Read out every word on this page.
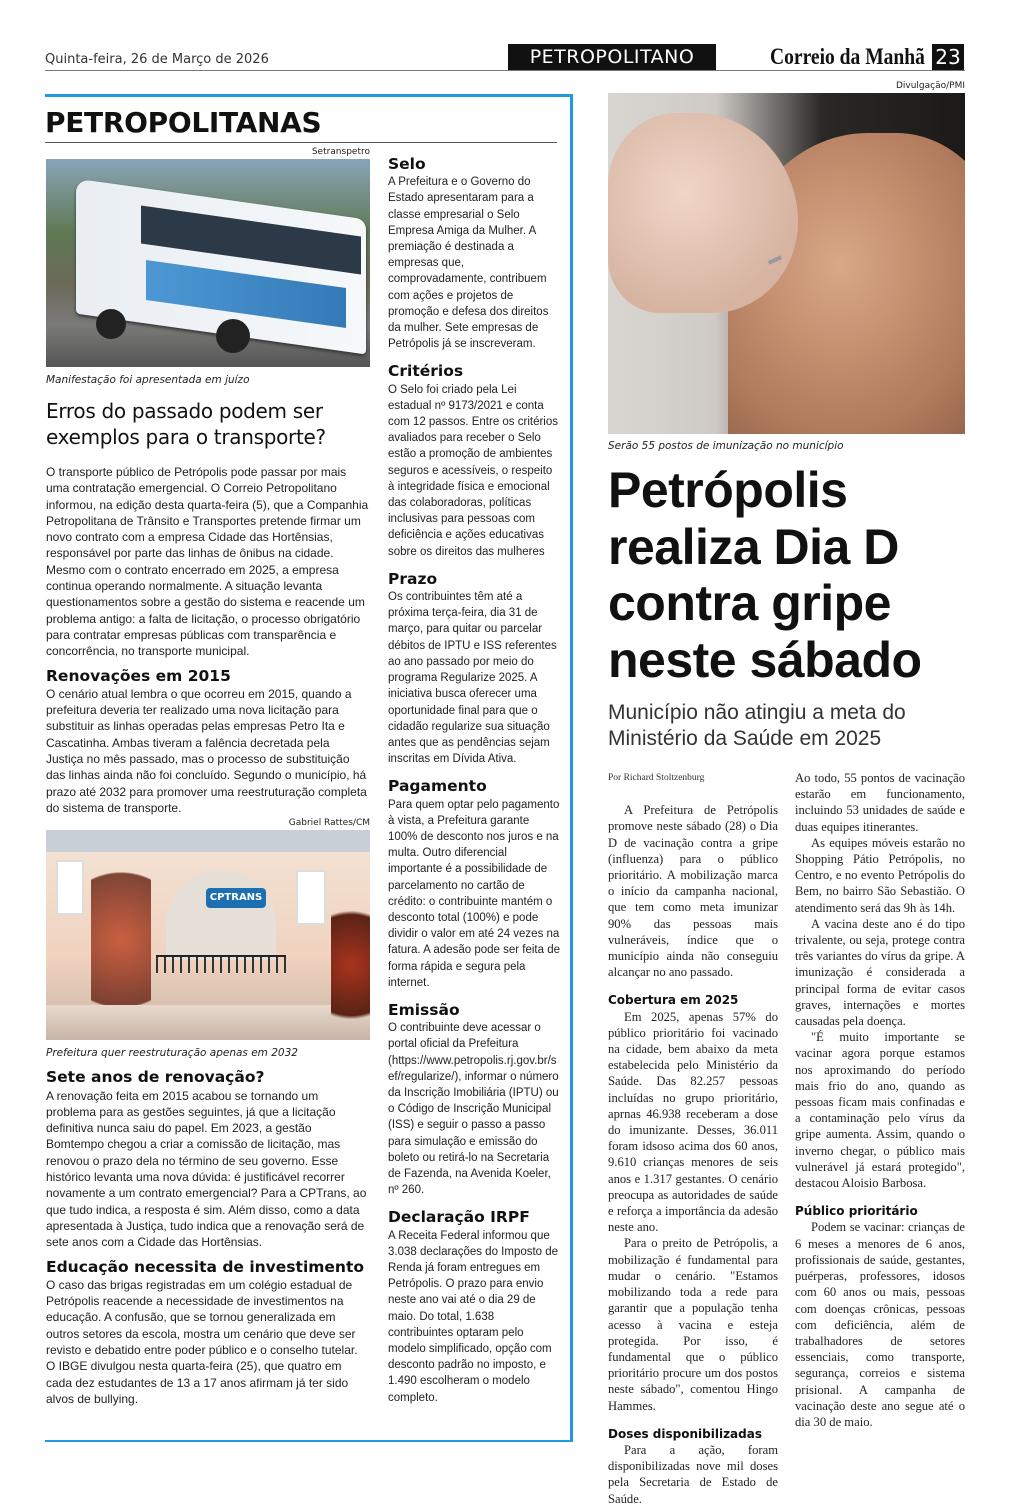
Quinta-feira, 26 de Março de 2026	PETROPOLITANO	Correio da Manhã 23
PETROPOLITANAS
Setranspetro
Manifestação foi apresentada em juízo
Erros do passado podem ser exemplos para o transporte?

O transporte público de Petrópolis pode passar por mais uma contratação emergencial. O Correio Petropolitano informou, na edição desta quarta-feira (5), que a Companhia Petropolitana de Trânsito e Transportes pretende firmar um novo contrato com a empresa Cidade das Hortênsias, responsável por parte das linhas de ônibus na cidade. Mesmo com o contrato encerrado em 2025, a empresa continua operando normalmente. A situação levanta questionamentos sobre a gestão do sistema e reacende um problema antigo: a falta de licitação, o processo obrigatório para contratar empresas públicas com transparência e concorrência, no transporte municipal.

Renovações em 2015

O cenário atual lembra o que ocorreu em 2015, quando a prefeitura deveria ter realizado uma nova licitação para substituir as linhas operadas pelas empresas Petro Ita e Cascatinha. Ambas tiveram a falência decretada pela Justiça no mês passado, mas o processo de substituição das linhas ainda não foi concluído. Segundo o município, há prazo até 2032 para promover uma reestruturação completa do sistema de transporte.

Gabriel Rattes/CM
CPTRANS
Prefeitura quer reestruturação apenas em 2032
Sete anos de renovação?

A renovação feita em 2015 acabou se tornando um problema para as gestões seguintes, já que a licitação definitiva nunca saiu do papel. Em 2023, a gestão Bomtempo chegou a criar a comissão de licitação, mas renovou o prazo dela no término de seu governo. Esse histórico levanta uma nova dúvida: é justificável recorrer novamente a um contrato emergencial? Para a CPTrans, ao que tudo indica, a resposta é sim. Além disso, como a data apresentada à Justiça, tudo indica que a renovação será de sete anos com a Cidade das Hortênsias.

Educação necessita de investimento

O caso das brigas registradas em um colégio estadual de Petrópolis reacende a necessidade de investimentos na educação. A confusão, que se tornou generalizada em outros setores da escola, mostra um cenário que deve ser revisto e debatido entre poder público e o conselho tutelar. O IBGE divulgou nesta quarta-feira (25), que quatro em cada dez estudantes de 13 a 17 anos afirmam já ter sido alvos de bullying.

Selo

A Prefeitura e o Governo do Estado apresentaram para a classe empresarial o Selo Empresa Amiga da Mulher. A premiação é destinada a empresas que, comprovadamente, contribuem com ações e projetos de promoção e defesa dos direitos da mulher. Sete empresas de Petrópolis já se inscreveram.

Critérios

O Selo foi criado pela Lei estadual nº 9173/2021 e conta com 12 passos. Entre os critérios avaliados para receber o Selo estão a promoção de ambientes seguros e acessíveis, o respeito à integridade física e emocional das colaboradoras, políticas inclusivas para pessoas com deficiência e ações educativas sobre os direitos das mulheres

Prazo

Os contribuintes têm até a próxima terça-feira, dia 31 de março, para quitar ou parcelar débitos de IPTU e ISS referentes ao ano passado por meio do programa Regularize 2025. A iniciativa busca oferecer uma oportunidade final para que o cidadão regularize sua situação antes que as pendências sejam inscritas em Dívida Ativa.

Pagamento

Para quem optar pelo pagamento à vista, a Prefeitura garante 100% de desconto nos juros e na multa. Outro diferencial importante é a possibilidade de parcelamento no cartão de crédito: o contribuinte mantém o desconto total (100%) e pode dividir o valor em até 24 vezes na fatura. A adesão pode ser feita de forma rápida e segura pela internet.

Emissão

O contribuinte deve acessar o portal oficial da Prefeitura (https://www.petropolis.rj.gov.br/sef/regularize/), informar o número da Inscrição Imobiliária (IPTU) ou o Código de Inscrição Municipal (ISS) e seguir o passo a passo para simulação e emissão do boleto ou retirá-lo na Secretaria de Fazenda, na Avenida Koeler, nº 260.

Declaração IRPF

A Receita Federal informou que 3.038 declarações do Imposto de Renda já foram entregues em Petrópolis. O prazo para envio neste ano vai até o dia 29 de maio. Do total, 1.638 contribuintes optaram pelo modelo simplificado, opção com desconto padrão no imposto, e 1.490 escolheram o modelo completo.

Divulgação/PMI
Serão 55 postos de imunização no município
Petrópolis realiza Dia D contra gripe neste sábado
Município não atingiu a meta do Ministério da Saúde em 2025
Por Richard Stoltzenburg

A Prefeitura de Petrópolis promove neste sábado (28) o Dia D de vacinação contra a gripe (influenza) para o público prioritário. A mobilização marca o início da campanha nacional, que tem como meta imunizar 90% das pessoas mais vulneráveis, índice que o município ainda não conseguiu alcançar no ano passado.

Cobertura em 2025

Em 2025, apenas 57% do público prioritário foi vacinado na cidade, bem abaixo da meta estabelecida pelo Ministério da Saúde. Das 82.257 pessoas incluídas no grupo prioritário, aprnas 46.938 receberam a dose do imunizante. Desses, 36.011 foram idsoso acima dos 60 anos, 9.610 crianças menores de seis anos e 1.317 gestantes. O cenário preocupa as autoridades de saúde e reforça a importância da adesão neste ano.

Para o preito de Petrópolis, a mobilização é fundamental para mudar o cenário. "Estamos mobilizando toda a rede para garantir que a população tenha acesso à vacina e esteja protegida. Por isso, é fundamental que o público prioritário procure um dos postos neste sábado", comentou Hingo Hammes.

Doses disponibilizadas

Para a ação, foram disponibilizadas nove mil doses pela Secretaria de Estado de Saúde.

Ao todo, 55 pontos de vacinação estarão em funcionamento, incluindo 53 unidades de saúde e duas equipes itinerantes.

As equipes móveis estarão no Shopping Pátio Petrópolis, no Centro, e no evento Petrópolis do Bem, no bairro São Sebastião. O atendimento será das 9h às 14h.

A vacina deste ano é do tipo trivalente, ou seja, protege contra três variantes do vírus da gripe. A imunização é considerada a principal forma de evitar casos graves, internações e mortes causadas pela doença.

"É muito importante se vacinar agora porque estamos nos aproximando do período mais frio do ano, quando as pessoas ficam mais confinadas e a contaminação pelo vírus da gripe aumenta. Assim, quando o inverno chegar, o público mais vulnerável já estará protegido", destacou Aloisio Barbosa.

Público prioritário

Podem se vacinar: crianças de 6 meses a menores de 6 anos, profissionais de saúde, gestantes, puérperas, professores, idosos com 60 anos ou mais, pessoas com doenças crônicas, pessoas com deficiência, além de trabalhadores de setores essenciais, como transporte, segurança, correios e sistema prisional. A campanha de vacinação deste ano segue até o dia 30 de maio.
